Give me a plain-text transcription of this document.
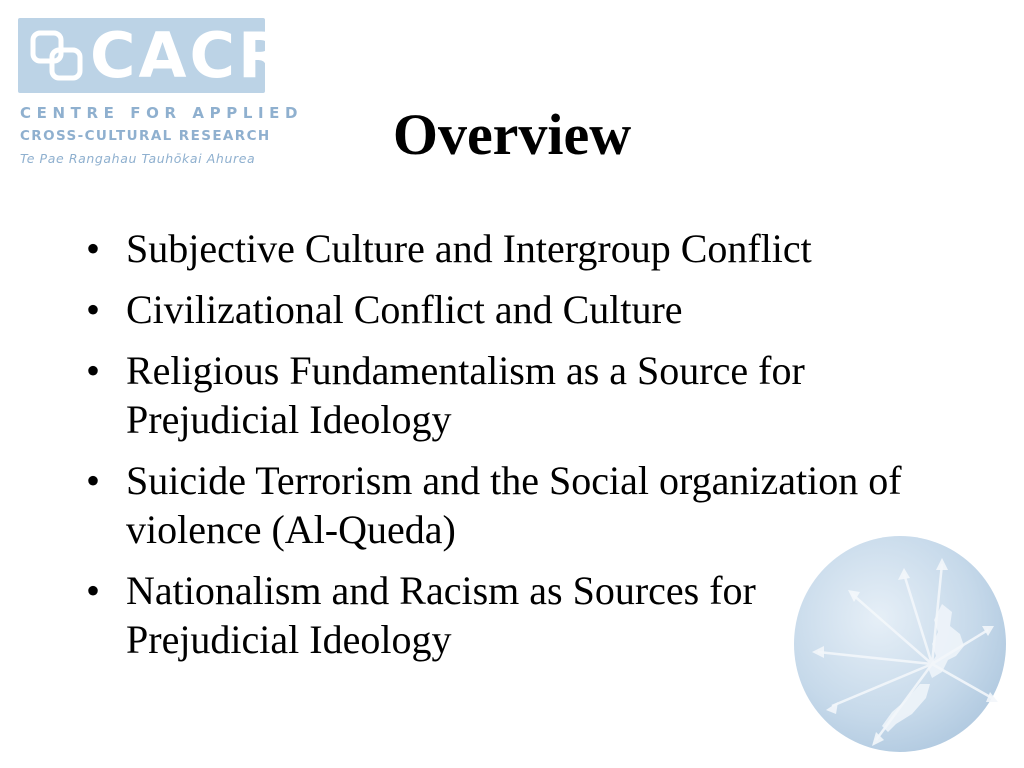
CACR
CENTRE FOR APPLIED
CROSS-CULTURAL RESEARCH
Te Pae Rangahau Tauhōkai Ahurea	Overview
• Subjective Culture and Intergroup Conflict
• Civilizational Conflict and Culture
• Religious Fundamentalism as a Source for Prejudicial Ideology
• Suicide Terrorism and the Social organization of violence (Al-Queda)
• Nationalism and Racism as Sources for Prejudicial Ideology
